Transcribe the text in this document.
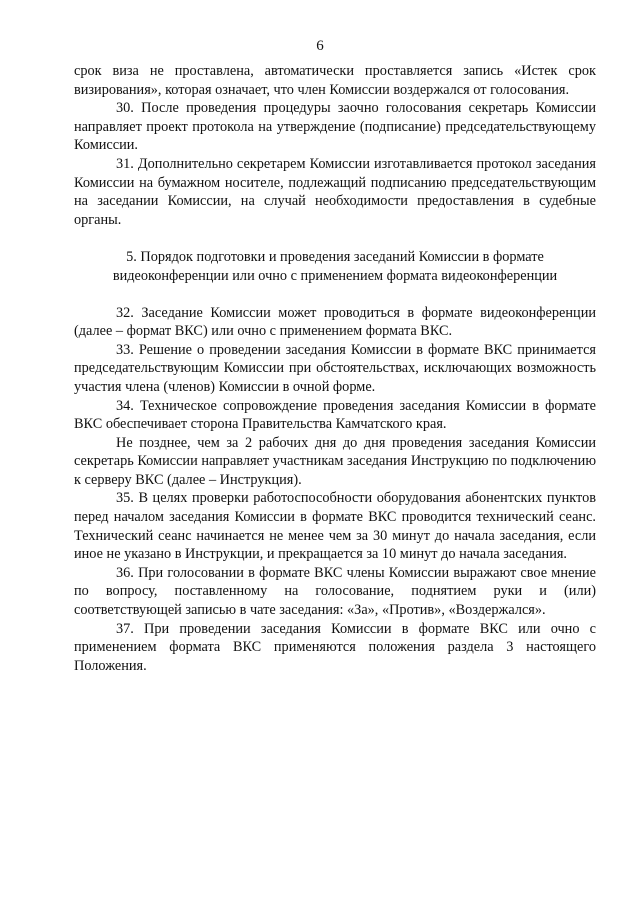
6

срок виза не проставлена, автоматически проставляется запись «Истек срок визирования», которая означает, что член Комиссии воздержался от голосования.

30. После проведения процедуры заочно голосования секретарь Комиссии направляет проект протокола на утверждение (подписание) председательствующему Комиссии.

31. Дополнительно секретарем Комиссии изготавливается протокол заседания Комиссии на бумажном носителе, подлежащий подписанию председательствующим на заседании Комиссии, на случай необходимости предоставления в судебные органы.

5. Порядок подготовки и проведения заседаний Комиссии в формате видеоконференции или очно с применением формата видеоконференции

32. Заседание Комиссии может проводиться в формате видеоконференции (далее – формат ВКС) или очно с применением формата ВКС.

33. Решение о проведении заседания Комиссии в формате ВКС принимается председательствующим Комиссии при обстоятельствах, исключающих возможность участия члена (членов) Комиссии в очной форме.

34. Техническое сопровождение проведения заседания Комиссии в формате ВКС обеспечивает сторона Правительства Камчатского края.

Не позднее, чем за 2 рабочих дня до дня проведения заседания Комиссии секретарь Комиссии направляет участникам заседания Инструкцию по подключению к серверу ВКС (далее – Инструкция).

35. В целях проверки работоспособности оборудования абонентских пунктов перед началом заседания Комиссии в формате ВКС проводится технический сеанс. Технический сеанс начинается не менее чем за 30 минут до начала заседания, если иное не указано в Инструкции, и прекращается за 10 минут до начала заседания.

36. При голосовании в формате ВКС члены Комиссии выражают свое мнение по вопросу, поставленному на голосование, поднятием руки и (или) соответствующей записью в чате заседания: «За», «Против», «Воздержался».

37. При проведении заседания Комиссии в формате ВКС или очно с применением формата ВКС применяются положения раздела 3 настоящего Положения.
